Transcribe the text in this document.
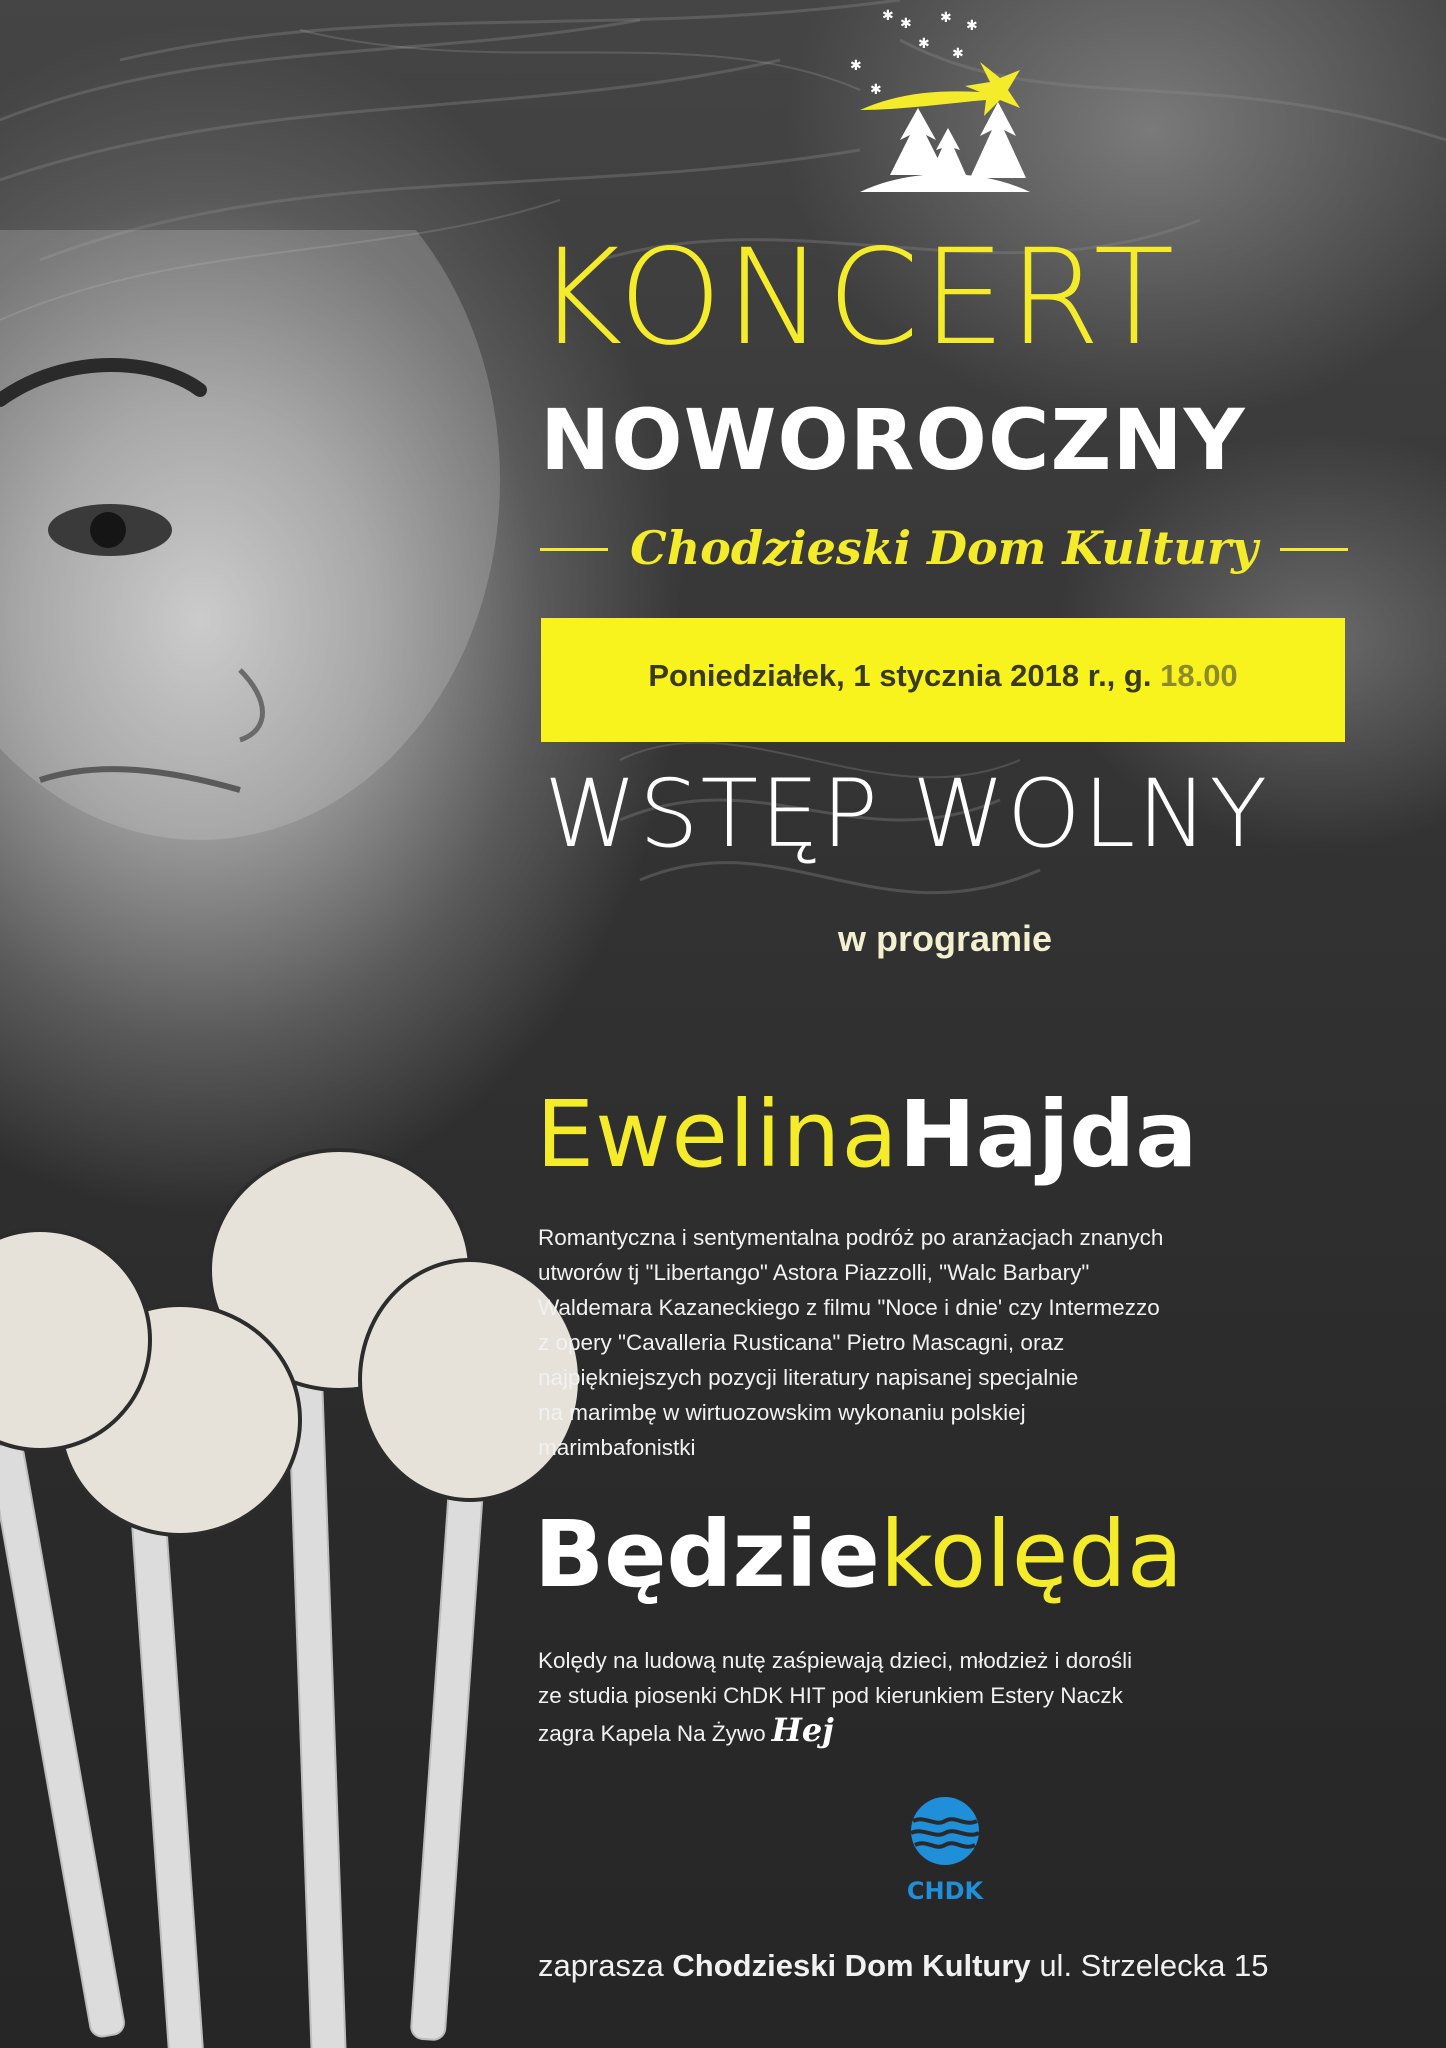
✱ ✱ ✱ ✱
✱
✱
✱
✱
KONCERT
NOWOROCZNY
Chodzieski Dom Kultury
Poniedziałek, 1 stycznia 2018 r., g. 18.00
WSTĘP WOLNY
w programie
EwelinaHajda

Romantyczna i sentymentalna podróż po aranżacjach znanych

utworów tj "Libertango" Astora Piazzolli, "Walc Barbary"

Waldemara Kazaneckiego z filmu "Noce i dnie' czy Intermezzo

z opery "Cavalleria Rusticana" Pietro Mascagni, oraz

najpiękniejszych pozycji literatury napisanej specjalnie

na marimbę w wirtuozowskim wykonaniu polskiej

marimbafonistki

Będziekolęda

Kolędy na ludową nutę zaśpiewają dzieci, młodzież i dorośli

ze studia piosenki ChDK HIT pod kierunkiem Estery Naczk

zagra Kapela Na Żywo Hej

CHDK
zaprasza Chodzieski Dom Kultury ul. Strzelecka 15
